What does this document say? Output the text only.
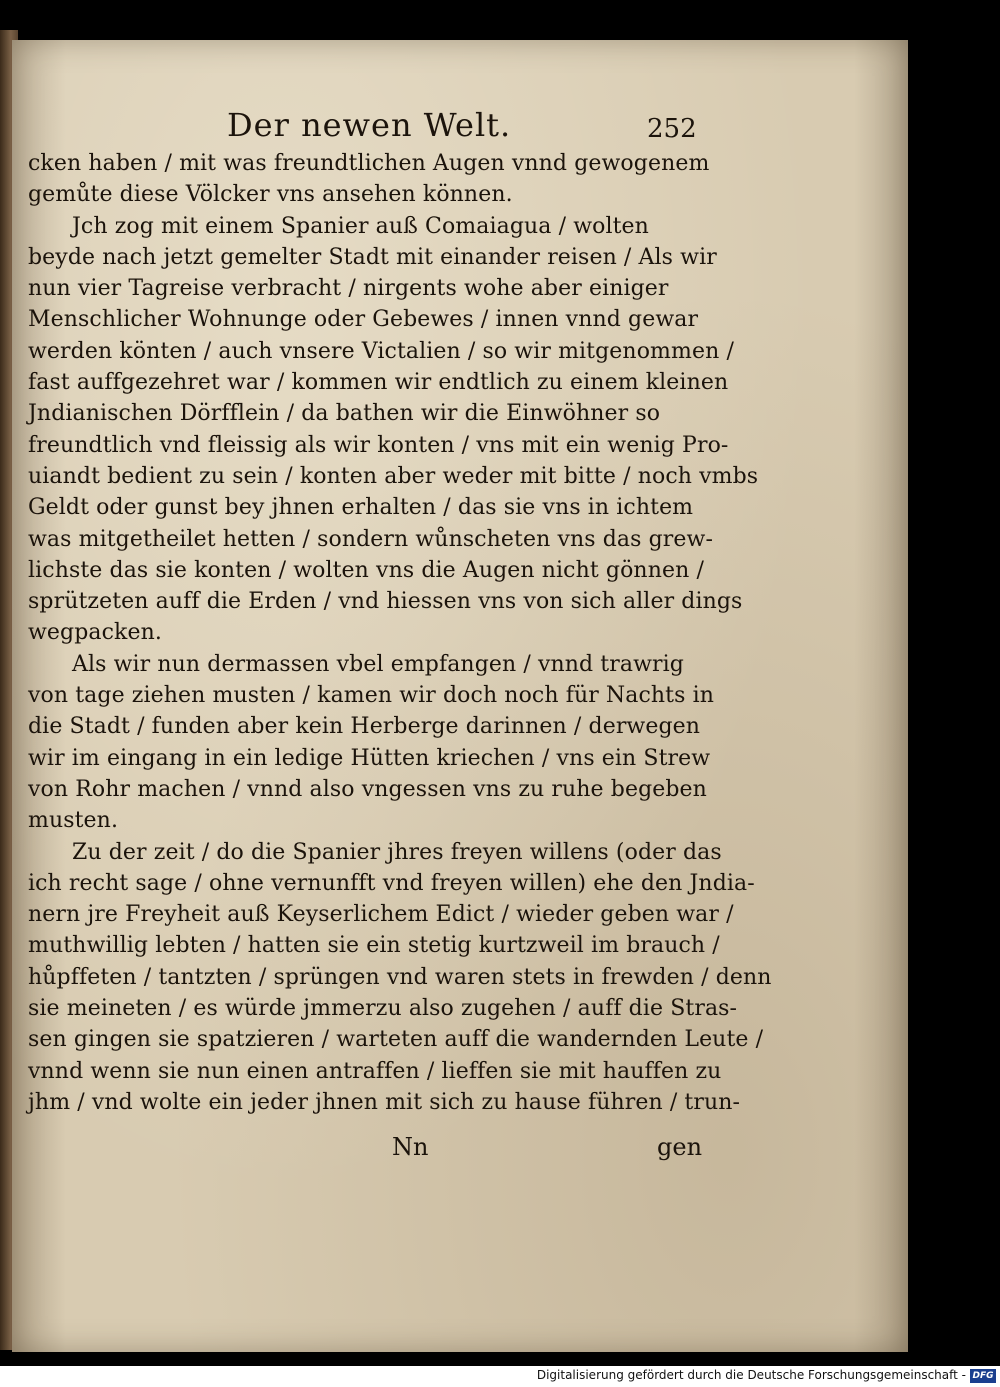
Der newen Welt.	252
cken haben / mit was freundtlichen Augen vnnd gewogenem
gemůte diese Völcker vns ansehen können.
Jch zog mit einem Spanier auß Comaiagua / wolten
beyde nach jetzt gemelter Stadt mit einander reisen / Als wir
nun vier Tagreise verbracht / nirgents wohe aber einiger
Menschlicher Wohnunge oder Gebewes / innen vnnd gewar
werden könten / auch vnsere Victalien / so wir mitgenommen /
fast auffgezehret war / kommen wir endtlich zu einem kleinen
Jndianischen Dörfflein / da bathen wir die Einwöhner so
freundtlich vnd fleissig als wir konten / vns mit ein wenig Pro-
uiandt bedient zu sein / konten aber weder mit bitte / noch vmbs
Geldt oder gunst bey jhnen erhalten / das sie vns in ichtem
was mitgetheilet hetten / sondern wůnscheten vns das grew-
lichste das sie konten / wolten vns die Augen nicht gönnen /
sprützeten auff die Erden / vnd hiessen vns von sich aller dings
wegpacken.
Als wir nun dermassen vbel empfangen / vnnd trawrig
von tage ziehen musten / kamen wir doch noch für Nachts in
die Stadt / funden aber kein Herberge darinnen / derwegen
wir im eingang in ein ledige Hütten kriechen / vns ein Strew
von Rohr machen / vnnd also vngessen vns zu ruhe begeben
musten.
Zu der zeit / do die Spanier jhres freyen willens (oder das
ich recht sage / ohne vernunfft vnd freyen willen) ehe den Jndia-
nern jre Freyheit auß Keyserlichem Edict / wieder geben war /
muthwillig lebten / hatten sie ein stetig kurtzweil im brauch /
hůpffeten / tantzten / sprüngen vnd waren stets in frewden / denn
sie meineten / es würde jmmerzu also zugehen / auff die Stras-
sen gingen sie spatzieren / warteten auff die wandernden Leute /
vnnd wenn sie nun einen antraffen / lieffen sie mit hauffen zu
jhm / vnd wolte ein jeder jhnen mit sich zu hause führen / trun-
Nn	gen
Digitalisierung gefördert durch die Deutsche Forschungsgemeinschaft - DFG
